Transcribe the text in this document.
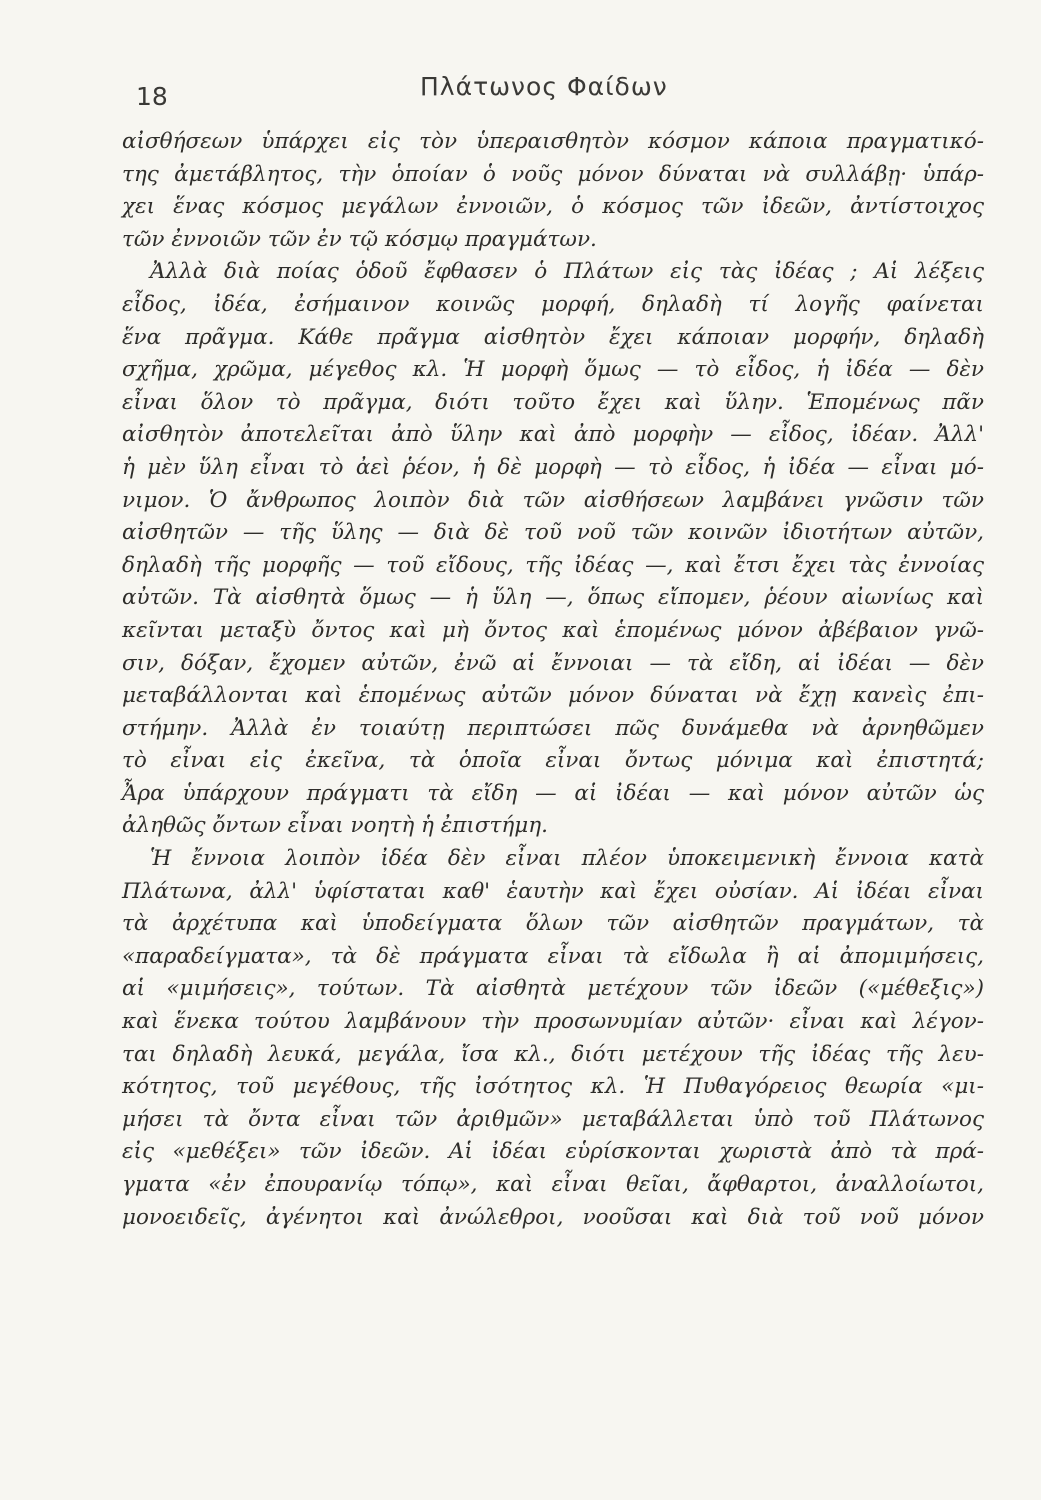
18	Πλάτωνος Φαίδων
αἰσθήσεων ὑπάρχει εἰς τὸν ὑπεραισθητὸν κόσμον κάποια πραγματικό-
της ἀμετάβλητος, τὴν ὁποίαν ὁ νοῦς μόνον δύναται νὰ συλλάβῃ· ὑπάρ-
χει ἕνας κόσμος μεγάλων ἐννοιῶν, ὁ κόσμος τῶν ἰδεῶν, ἀντίστοιχος
τῶν ἐννοιῶν τῶν ἐν τῷ κόσμῳ πραγμάτων.
Ἀλλὰ διὰ ποίας ὁδοῦ ἔφθασεν ὁ Πλάτων εἰς τὰς ἰδέας ; Αἱ λέξεις
εἶδος, ἰδέα, ἐσήμαινον κοινῶς μορφή, δηλαδὴ τί λογῆς φαίνεται
ἕνα πρᾶγμα. Κάθε πρᾶγμα αἰσθητὸν ἔχει κάποιαν μορφήν, δηλαδὴ
σχῆμα, χρῶμα, μέγεθος κλ. Ἡ μορφὴ ὅμως — τὸ εἶδος, ἡ ἰδέα — δὲν
εἶναι ὅλον τὸ πρᾶγμα, διότι τοῦτο ἔχει καὶ ὕλην. Ἑπομένως πᾶν
αἰσθητὸν ἀποτελεῖται ἀπὸ ὕλην καὶ ἀπὸ μορφὴν — εἶδος, ἰδέαν. Ἀλλ'
ἡ μὲν ὕλη εἶναι τὸ ἀεὶ ῥέον, ἡ δὲ μορφὴ — τὸ εἶδος, ἡ ἰδέα — εἶναι μό-
νιμον. Ὁ ἄνθρωπος λοιπὸν διὰ τῶν αἰσθήσεων λαμβάνει γνῶσιν τῶν
αἰσθητῶν — τῆς ὕλης — διὰ δὲ τοῦ νοῦ τῶν κοινῶν ἰδιοτήτων αὐτῶν,
δηλαδὴ τῆς μορφῆς — τοῦ εἴδους, τῆς ἰδέας —, καὶ ἔτσι ἔχει τὰς ἐννοίας
αὐτῶν. Τὰ αἰσθητὰ ὅμως — ἡ ὕλη —, ὅπως εἴπομεν, ῥέουν αἰωνίως καὶ
κεῖνται μεταξὺ ὄντος καὶ μὴ ὄντος καὶ ἑπομένως μόνον ἀβέβαιον γνῶ-
σιν, δόξαν, ἔχομεν αὐτῶν, ἐνῶ αἱ ἔννοιαι — τὰ εἴδη, αἱ ἰδέαι — δὲν
μεταβάλλονται καὶ ἑπομένως αὐτῶν μόνον δύναται νὰ ἔχῃ κανεὶς ἐπι-
στήμην. Ἀλλὰ ἐν τοιαύτῃ περιπτώσει πῶς δυνάμεθα νὰ ἀρνηθῶμεν
τὸ εἶναι εἰς ἐκεῖνα, τὰ ὁποῖα εἶναι ὄντως μόνιμα καὶ ἐπιστητά;
Ἆρα ὑπάρχουν πράγματι τὰ εἴδη — αἱ ἰδέαι — καὶ μόνον αὐτῶν ὡς
ἀληθῶς ὄντων εἶναι νοητὴ ἡ ἐπιστήμη.
Ἡ ἔννοια λοιπὸν ἰδέα δὲν εἶναι πλέον ὑποκειμενικὴ ἔννοια κατὰ
Πλάτωνα, ἀλλ' ὑφίσταται καθ' ἑαυτὴν καὶ ἔχει οὐσίαν. Αἱ ἰδέαι εἶναι
τὰ ἀρχέτυπα καὶ ὑποδείγματα ὅλων τῶν αἰσθητῶν πραγμάτων, τὰ
«παραδείγματα», τὰ δὲ πράγματα εἶναι τὰ εἴδωλα ἢ αἱ ἀπομιμήσεις,
αἱ «μιμήσεις», τούτων. Τὰ αἰσθητὰ μετέχουν τῶν ἰδεῶν («μέθεξις»)
καὶ ἕνεκα τούτου λαμβάνουν τὴν προσωνυμίαν αὐτῶν· εἶναι καὶ λέγον-
ται δηλαδὴ λευκά, μεγάλα, ἴσα κλ., διότι μετέχουν τῆς ἰδέας τῆς λευ-
κότητος, τοῦ μεγέθους, τῆς ἰσότητος κλ. Ἡ Πυθαγόρειος θεωρία «μι-
μήσει τὰ ὄντα εἶναι τῶν ἀριθμῶν» μεταβάλλεται ὑπὸ τοῦ Πλάτωνος
εἰς «μεθέξει» τῶν ἰδεῶν. Αἱ ἰδέαι εὑρίσκονται χωριστὰ ἀπὸ τὰ πρά-
γματα «ἐν ἐπουρανίῳ τόπῳ», καὶ εἶναι θεῖαι, ἄφθαρτοι, ἀναλλοίωτοι,
μονοειδεῖς, ἀγένητοι καὶ ἀνώλεθροι, νοοῦσαι καὶ διὰ τοῦ νοῦ μόνον
